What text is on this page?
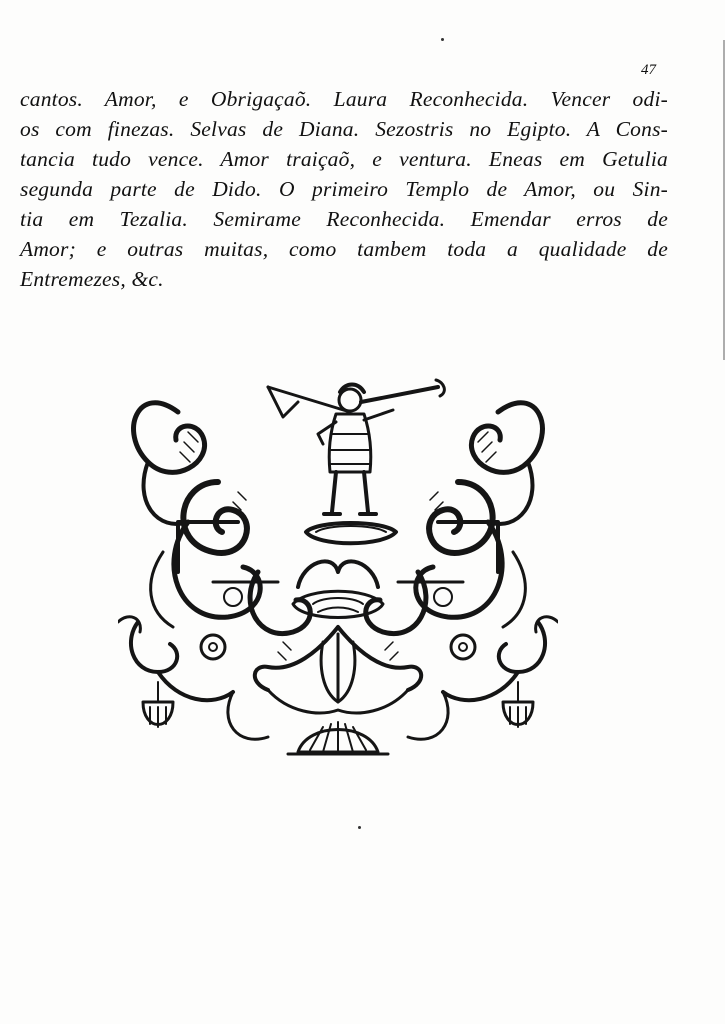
47
cantos. Amor, e Obrigaçaõ. Laura Reconhecida. Vencer odi-
os com finezas. Selvas de Diana. Sezostris no Egipto. A Cons-
tancia tudo vence. Amor traiçaõ, e ventura. Eneas em Getulia
segunda parte de Dido. O primeiro Templo de Amor, ou Sin-
tia em Tezalia. Semirame Reconhecida. Emendar erros de
Amor; e outras muitas, como tambem toda a qualidade de
Entremezes, &c.
